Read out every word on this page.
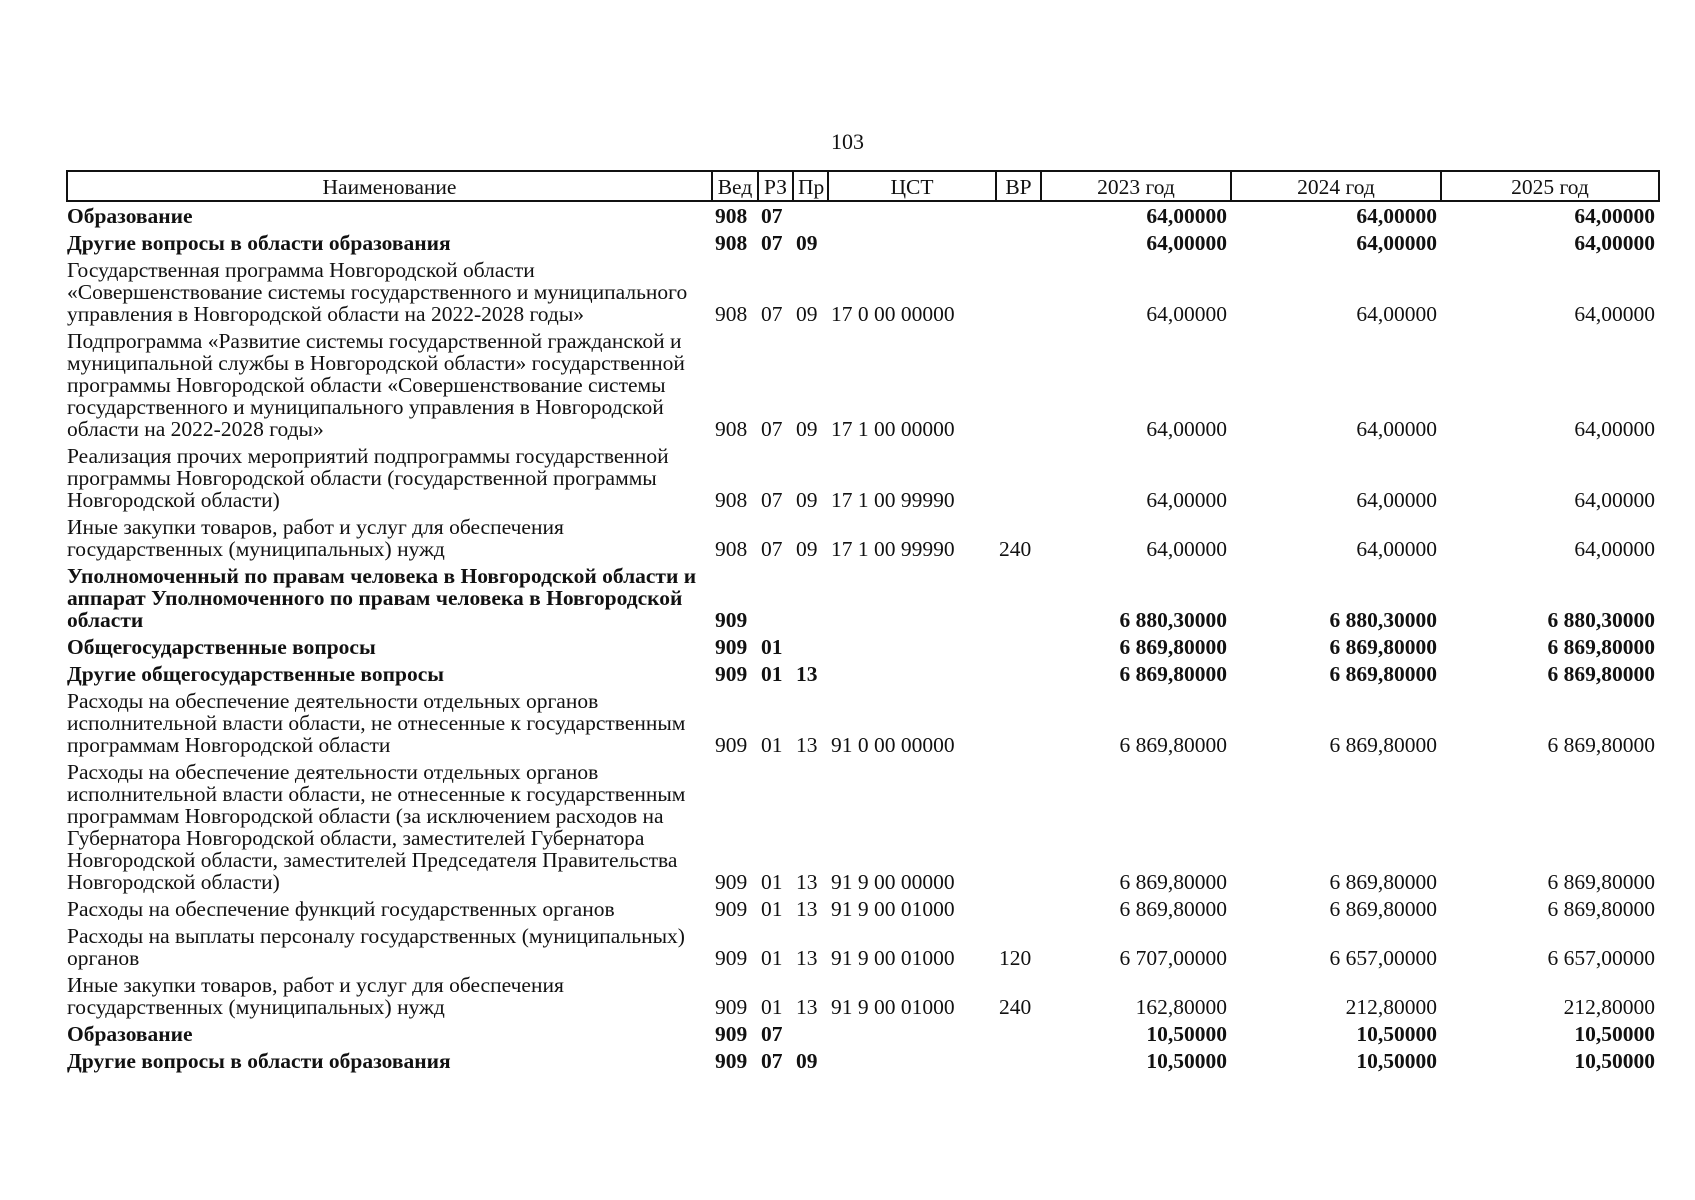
103
Наименование	Вед	РЗ	Пр	ЦСТ	ВР	2023 год	2024 год	2025 год
Образование	908	07				64,00000	64,00000	64,00000
Другие вопросы в области образования	908	07	09			64,00000	64,00000	64,00000
Государственная программа Новгородской области «Совершенствование системы государственного и муниципального управления в Новгородской области на 2022-2028 годы»	908	07	09	17 0 00 00000		64,00000	64,00000	64,00000
Подпрограмма «Развитие системы государственной гражданской и муниципальной службы в Новгородской области» государственной программы Новгородской области «Совершенствование системы государственного и муниципального управления в Новгородской области на 2022-2028 годы»	908	07	09	17 1 00 00000		64,00000	64,00000	64,00000
Реализация прочих мероприятий подпрограммы государственной программы Новгородской области (государственной программы Новгородской области)	908	07	09	17 1 00 99990		64,00000	64,00000	64,00000
Иные закупки товаров, работ и услуг для обеспечения государственных (муниципальных) нужд	908	07	09	17 1 00 99990	240	64,00000	64,00000	64,00000
Уполномоченный по правам человека в Новгородской области и аппарат Уполномоченного по правам человека в Новгородской области	909					6 880,30000	6 880,30000	6 880,30000
Общегосударственные вопросы	909	01				6 869,80000	6 869,80000	6 869,80000
Другие общегосударственные вопросы	909	01	13			6 869,80000	6 869,80000	6 869,80000
Расходы на обеспечение деятельности отдельных органов исполнительной власти области, не отнесенные к государственным программам Новгородской области	909	01	13	91 0 00 00000		6 869,80000	6 869,80000	6 869,80000
Расходы на обеспечение деятельности отдельных органов исполнительной власти области, не отнесенные к государственным программам Новгородской области (за исключением расходов на Губернатора Новгородской области, заместителей Губернатора Новгородской области, заместителей Председателя Правительства Новгородской области)	909	01	13	91 9 00 00000		6 869,80000	6 869,80000	6 869,80000
Расходы на обеспечение функций государственных органов	909	01	13	91 9 00 01000		6 869,80000	6 869,80000	6 869,80000
Расходы на выплаты персоналу государственных (муниципальных) органов	909	01	13	91 9 00 01000	120	6 707,00000	6 657,00000	6 657,00000
Иные закупки товаров, работ и услуг для обеспечения государственных (муниципальных) нужд	909	01	13	91 9 00 01000	240	162,80000	212,80000	212,80000
Образование	909	07				10,50000	10,50000	10,50000
Другие вопросы в области образования	909	07	09			10,50000	10,50000	10,50000
